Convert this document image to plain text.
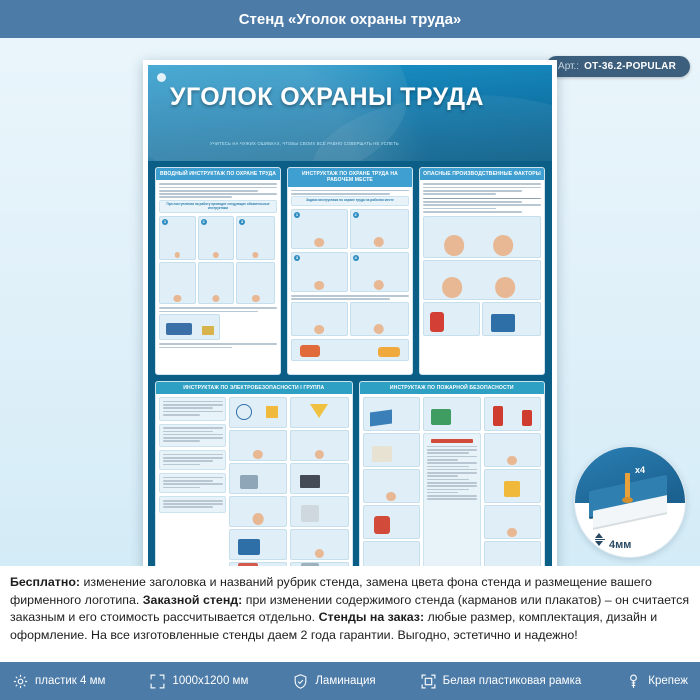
Стенд «Уголок охраны труда»
Арт.: ОТ-36.2-POPULAR
УГОЛОК ОХРАНЫ ТРУДА
УЧИТЕСЬ НА ЧУЖИХ ОШИБКАХ, ЧТОБЫ СВОИХ ВСЁ РАВНО СОВЕРШАТЬ НЕ УСПЕТЬ
ВВОДНЫЙ ИНСТРУКТАЖ ПО ОХРАНЕ ТРУДА
При поступлении на работу проводят следующие обязательные инструктажи
1	2	3
ИНСТРУКТАЖ ПО ОХРАНЕ ТРУДА НА РАБОЧЕМ МЕСТЕ
Задачи инструктажа по охране труда на рабочем месте
1	2
3	4
ОПАСНЫЕ ПРОИЗВОДСТВЕННЫЕ ФАКТОРЫ
ИНСТРУКТАЖ ПО ЭЛЕКТРОБЕЗОПАСНОСТИ I ГРУППА	ИНСТРУКТАЖ ПО ПОЖАРНОЙ БЕЗОПАСНОСТИ
x4
4мм
Бесплатно: изменение заголовка и названий рубрик стенда, замена цвета фона стенда и размещение вашего фирменного логотипа. Заказной стенд: при изменении содержимого стенда (карманов или плакатов) – он считается заказным и его стоимость рассчитывается отдельно. Стенды на заказ: любые размер, комплектация, дизайн и оформление. На все изготовленные стенды даем 2 года гарантии. Выгодно, эстетично и надежно!
пластик 4 мм	1000x1200 мм	Ламинация	Белая пластиковая рамка	Крепеж
